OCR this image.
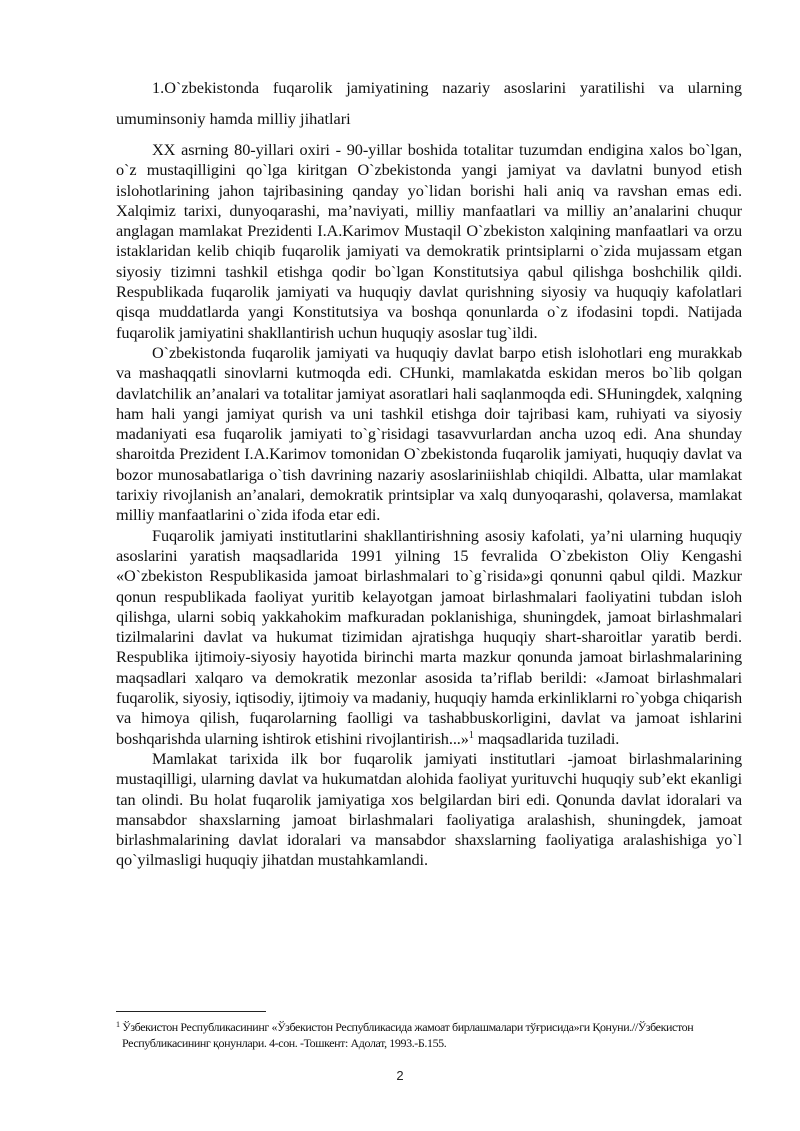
1.O`zbekistonda fuqarolik jamiyatining nazariy asoslarini yaratilishi va ularning umuminsoniy hamda milliy jihatlari

XX asrning 80-yillari oxiri - 90-yillar boshida totalitar tuzumdan endigina xalos bo`lgan, o`z mustaqilligini qo`lga kiritgan O`zbekistonda yangi jamiyat va davlatni bunyod etish islohotlarining jahon tajribasining qanday yo`lidan borishi hali aniq va ravshan emas edi. Xalqimiz tarixi, dunyoqarashi, ma’naviyati, milliy manfaatlari va milliy an’analarini chuqur anglagan mamlakat Prezidenti I.A.Karimov Mustaqil O`zbekiston xalqining manfaatlari va orzu istaklaridan kelib chiqib fuqarolik jamiyati va demokratik printsiplarni o`zida mujassam etgan siyosiy tizimni tashkil etishga qodir bo`lgan Konstitutsiya qabul qilishga boshchilik qildi. Respublikada fuqarolik jamiyati va huquqiy davlat qurishning siyosiy va huquqiy kafolatlari qisqa muddatlarda yangi Konstitutsiya va boshqa qonunlarda o`z ifodasini topdi. Natijada fuqarolik jamiyatini shakllantirish uchun huquqiy asoslar tug`ildi.

O`zbekistonda fuqarolik jamiyati va huquqiy davlat barpo etish islohotlari eng murakkab va mashaqqatli sinovlarni kutmoqda edi. CHunki, mamlakatda eskidan meros bo`lib qolgan davlatchilik an’analari va totalitar jamiyat asoratlari hali saqlanmoqda edi. SHuningdek, xalqning ham hali yangi jamiyat qurish va uni tashkil etishga doir tajribasi kam, ruhiyati va siyosiy madaniyati esa fuqarolik jamiyati to`g`risidagi tasavvurlardan ancha uzoq edi. Ana shunday sharoitda Prezident I.A.Karimov tomonidan O`zbekistonda fuqarolik jamiyati, huquqiy davlat va bozor munosabatlariga o`tish davrining nazariy asoslariniishlab chiqildi. Albatta, ular mamlakat tarixiy rivojlanish an’analari, demokratik printsiplar va xalq dunyoqarashi, qolaversa, mamlakat milliy manfaatlarini o`zida ifoda etar edi.

Fuqarolik jamiyati institutlarini shakllantirishning asosiy kafolati, ya’ni ularning huquqiy asoslarini yaratish maqsadlarida 1991 yilning 15 fevralida O`zbekiston Oliy Kengashi «O`zbekiston Respublikasida jamoat birlashmalari to`g`risida»gi qonunni qabul qildi. Mazkur qonun respublikada faoliyat yuritib kelayotgan jamoat birlashmalari faoliyatini tubdan isloh qilishga, ularni sobiq yakkahokim mafkuradan poklanishiga, shuningdek, jamoat birlashmalari tizilmalarini davlat va hukumat tizimidan ajratishga huquqiy shart-sharoitlar yaratib berdi. Respublika ijtimoiy-siyosiy hayotida birinchi marta mazkur qonunda jamoat birlashmalarining maqsadlari xalqaro va demokratik mezonlar asosida ta’riflab berildi: «Jamoat birlashmalari fuqarolik, siyosiy, iqtisodiy, ijtimoiy va madaniy, huquqiy hamda erkinliklarni ro`yobga chiqarish va himoya qilish, fuqarolarning faolligi va tashabbuskorligini, davlat va jamoat ishlarini boshqarishda ularning ishtirok etishini rivojlantirish...»$^1$ maqsadlarida tuziladi.

Mamlakat tarixida ilk bor fuqarolik jamiyati institutlari -jamoat birlashmalarining mustaqilligi, ularning davlat va hukumatdan alohida faoliyat yurituvchi huquqiy sub’ekt ekanligi tan olindi. Bu holat fuqarolik jamiyatiga xos belgilardan biri edi. Qonunda davlat idoralari va mansabdor shaxslarning jamoat birlashmalari faoliyatiga aralashish, shuningdek, jamoat birlashmalarining davlat idoralari va mansabdor shaxslarning faoliyatiga aralashishiga yo`l qo`yilmasligi huquqiy jihatdan mustahkamlandi.

$^1$ Ўзбекистон Республикасининг «Ўзбекистон Республикасида жамоат бирлашмалари тўғрисида»ги Қонуни.//Ўзбекистон
Республикасининг қонунлари. 4-сон. -Тошкент: Адолат, 1993.-Б.155.

2
